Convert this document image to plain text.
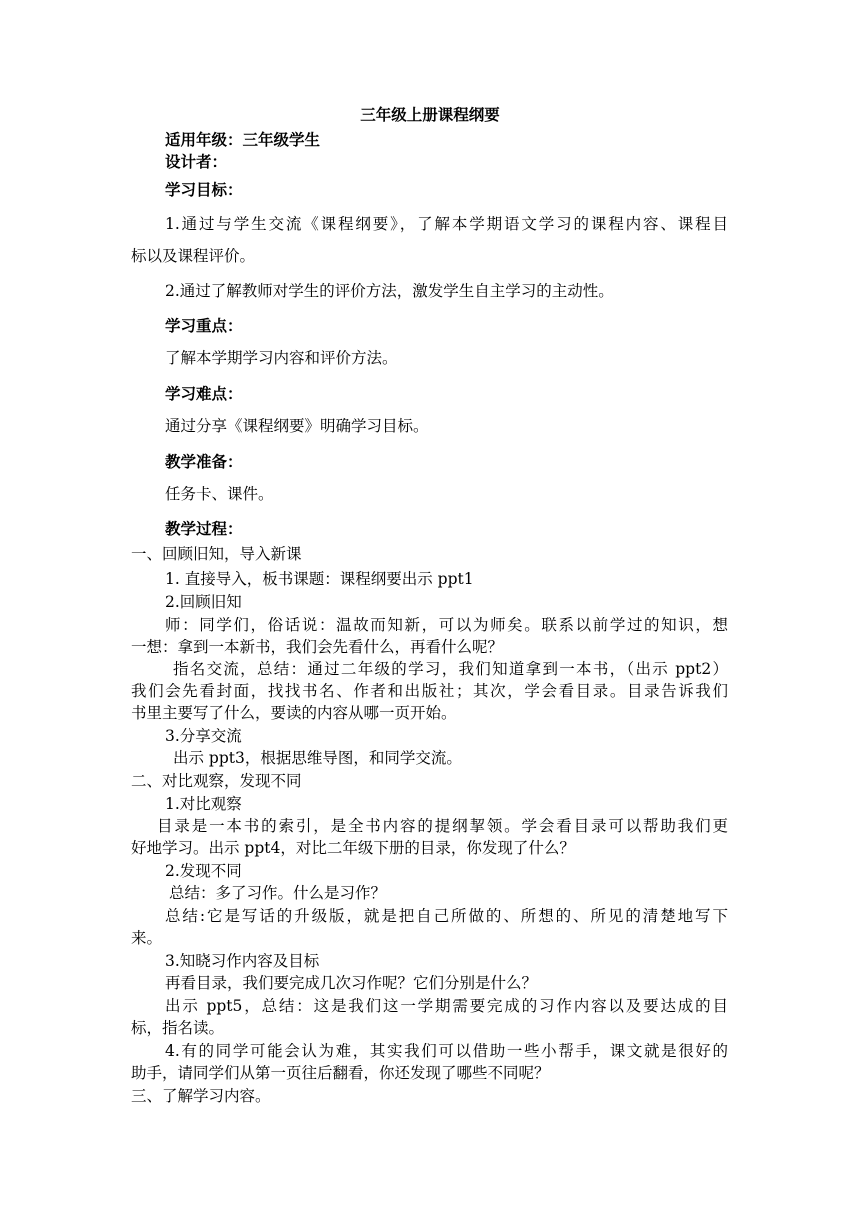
三年级上册课程纲要
适用年级：三年级学生
设计者：
学习目标：
1.通过与学生交流《课程纲要》，了解本学期语文学习的课程内容、课程目
标以及课程评价。
2.通过了解教师对学生的评价方法，激发学生自主学习的主动性。
学习重点：
了解本学期学习内容和评价方法。
学习难点：
通过分享《课程纲要》明确学习目标。
教学准备：
任务卡、课件。
教学过程：
一、回顾旧知，导入新课
1. 直接导入，板书课题：课程纲要出示 ppt1
2.回顾旧知
师：同学们，俗话说：温故而知新，可以为师矣。联系以前学过的知识，想
一想：拿到一本新书，我们会先看什么，再看什么呢？
指名交流，总结：通过二年级的学习，我们知道拿到一本书，（出示 ppt2）
我们会先看封面，找找书名、作者和出版社；其次，学会看目录。目录告诉我们
书里主要写了什么，要读的内容从哪一页开始。
3.分享交流
出示 ppt3，根据思维导图，和同学交流。
二、对比观察，发现不同
1.对比观察
目录是一本书的索引，是全书内容的提纲挈领。学会看目录可以帮助我们更
好地学习。出示 ppt4，对比二年级下册的目录，你发现了什么？
2.发现不同
总结：多了习作。什么是习作？
总结:它是写话的升级版，就是把自己所做的、所想的、所见的清楚地写下
来。
3.知晓习作内容及目标
再看目录，我们要完成几次习作呢？它们分别是什么？
出示 ppt5，总结：这是我们这一学期需要完成的习作内容以及要达成的目
标，指名读。
4.有的同学可能会认为难，其实我们可以借助一些小帮手，课文就是很好的
助手，请同学们从第一页往后翻看，你还发现了哪些不同呢？
三、了解学习内容。
